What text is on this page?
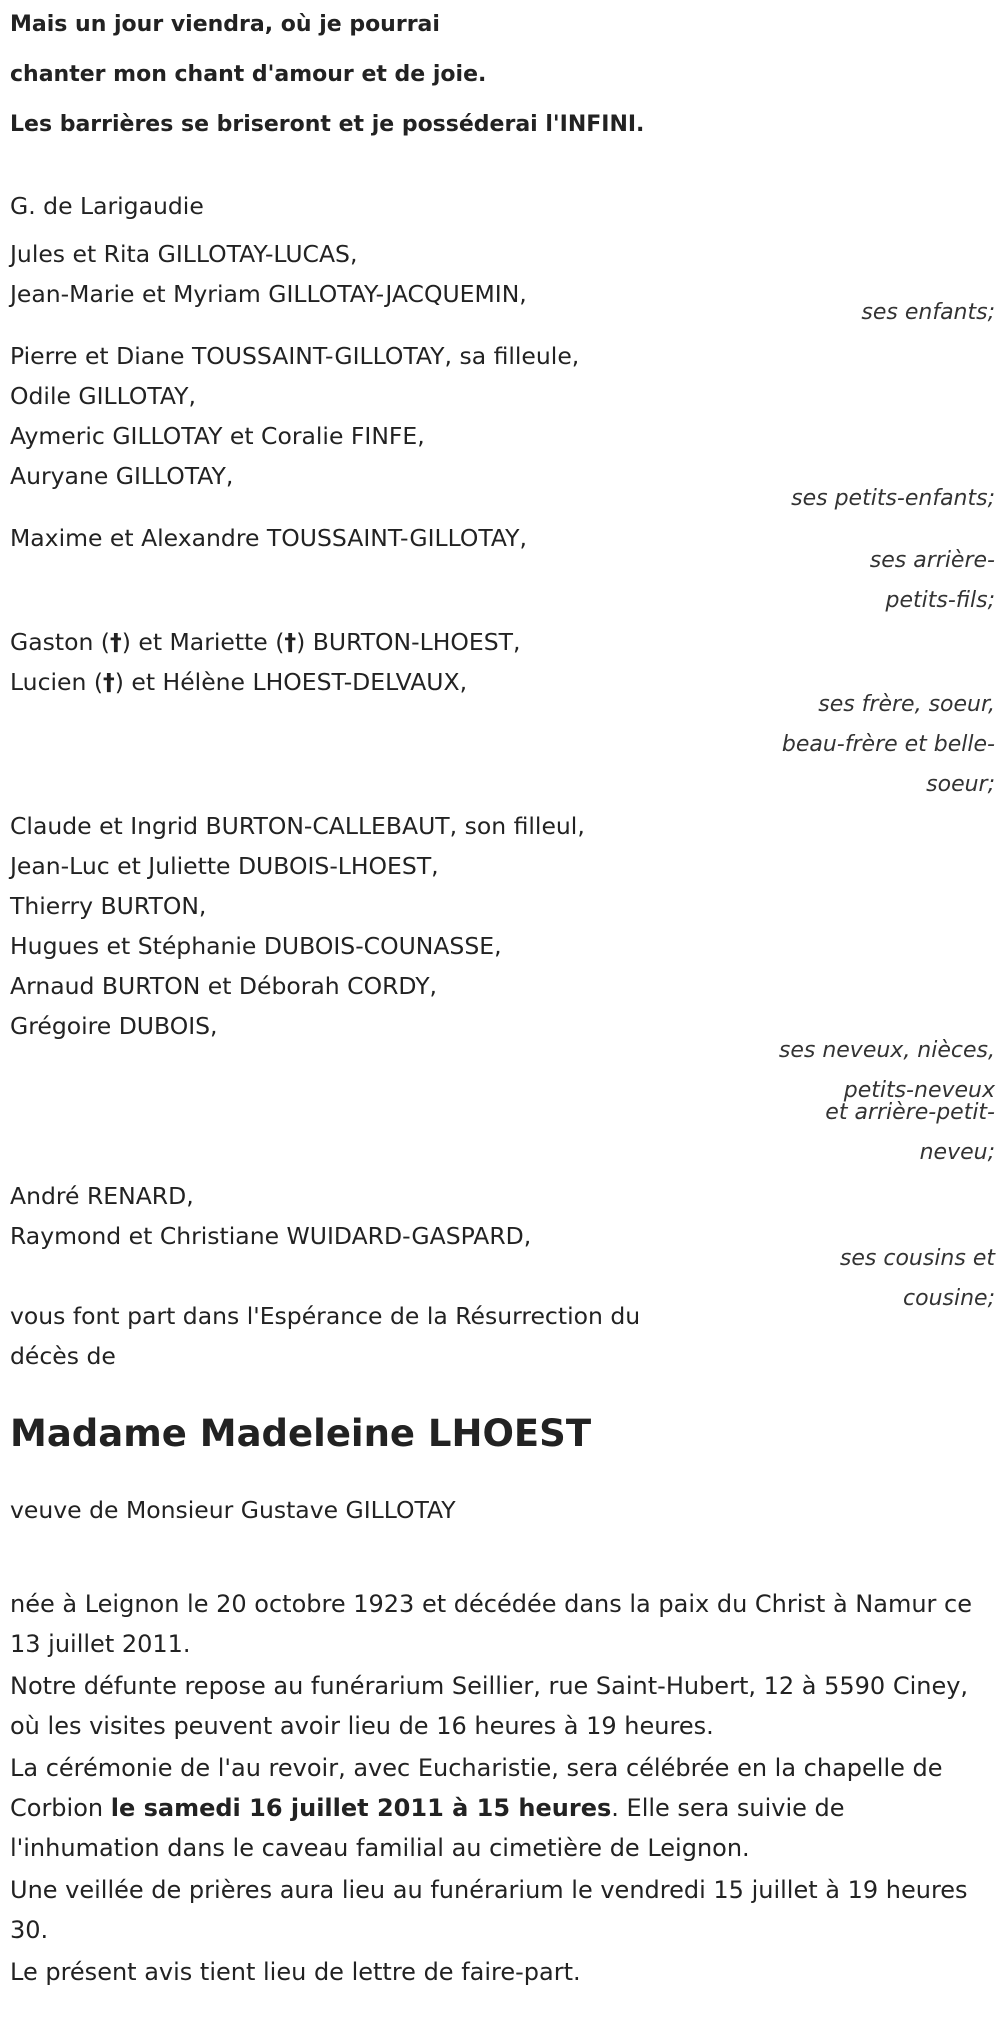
Mais un jour viendra, où je pourrai
chanter mon chant d'amour et de joie.
Les barrières se briseront et je posséderai l'INFINI.
G. de Larigaudie
Jules et Rita GILLOTAY-LUCAS,
Jean-Marie et Myriam GILLOTAY-JACQUEMIN,
ses enfants;
Pierre et Diane TOUSSAINT-GILLOTAY, sa filleule,
Odile GILLOTAY,
Aymeric GILLOTAY et Coralie FINFE,
Auryane GILLOTAY,
ses petits-enfants;
Maxime et Alexandre TOUSSAINT-GILLOTAY,
ses arrière-
petits-fils;
Gaston (†) et Mariette (†) BURTON-LHOEST,
Lucien (†) et Hélène LHOEST-DELVAUX,
ses frère, soeur,
beau-frère et belle-
soeur;
Claude et Ingrid BURTON-CALLEBAUT, son filleul,
Jean-Luc et Juliette DUBOIS-LHOEST,
Thierry BURTON,
Hugues et Stéphanie DUBOIS-COUNASSE,
Arnaud BURTON et Déborah CORDY,
Grégoire DUBOIS,
ses neveux, nièces,
petits-neveux
et arrière-petit-
neveu;
André RENARD,
Raymond et Christiane WUIDARD-GASPARD,
ses cousins et
cousine;
vous font part dans l'Espérance de la Résurrection du
décès de
Madame Madeleine LHOEST
veuve de Monsieur Gustave GILLOTAY
née à Leignon le 20 octobre 1923 et décédée dans la paix du Christ à Namur ce 13 juillet 2011.
Notre défunte repose au funérarium Seillier, rue Saint-Hubert, 12 à 5590 Ciney, où les visites peuvent avoir lieu de 16 heures à 19 heures.
La cérémonie de l'au revoir, avec Eucharistie, sera célébrée en la chapelle de Corbion le samedi 16 juillet 2011 à 15 heures. Elle sera suivie de l'inhumation dans le caveau familial au cimetière de Leignon.
Une veillée de prières aura lieu au funérarium le vendredi 15 juillet à 19 heures 30.
Le présent avis tient lieu de lettre de faire-part.
